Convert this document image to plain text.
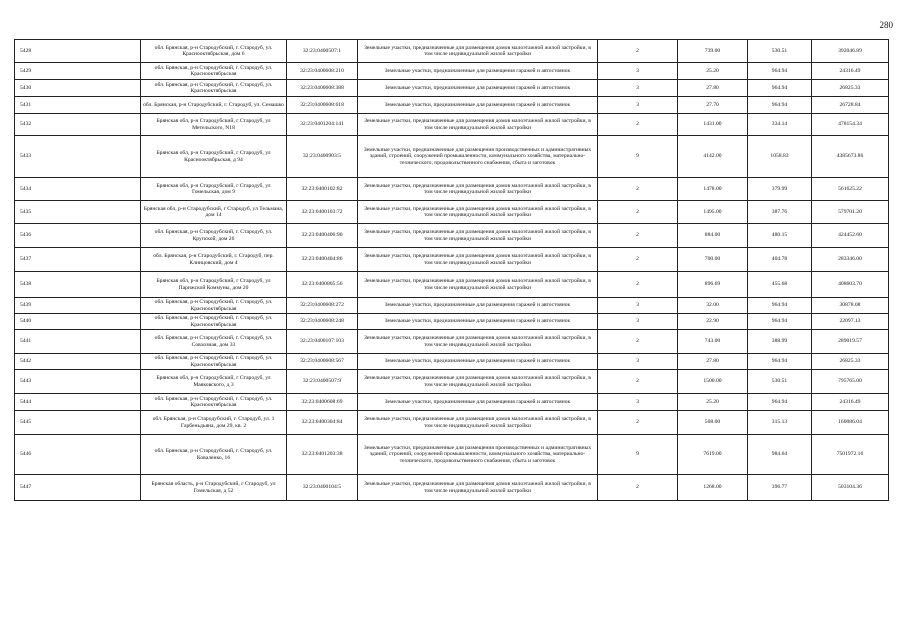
280
5428	обл. Брянская, р-н Стародубский, г. Стародуб, ул. Краснооктябрьская, дом 6	32:23:0400507:1	Земельные участки, предназначенные для размещения домов малоэтажной жилой застройки, в том числе индивидуальной жилой застройки	2	739.00	530.51	392046.89
5429	обл. Брянская, р-н Стародубский, г. Стародуб, ул. Краснооктябрьская	32:23:0400608:210	Земельные участки, предназначенные для размещения гаражей и автостоянок	3	25.20	964.94	24316.49
5430	обл. Брянская, р-н Стародубский, г. Стародуб, ул. Краснооктябрьская	32:23:0400608:388	Земельные участки, предназначенные для размещения гаражей и автостоянок	3	27.80	964.94	26825.33
5431	обл. Брянская, р-н Стародубский, г. Стародуб, ул. Семашко	32:23:0400608:618	Земельные участки, предназначенные для размещения гаражей и автостоянок	3	27.70	964.94	26728.84
5432	Брянская обл, р-н Стародубский, г Стародуб, ул Метельского, N18	32:23:0401204:141	Земельные участки, предназначенные для размещения домов малоэтажной жилой застройки, в том числе индивидуальной жилой застройки	2	1431.00	334.14	478154.34
5433	Брянская обл, р-н Стародубский, г Стародуб, ул Краснооктябрьская, д 94	32:23:0400903:5	Земельные участки, предназначенные для размещения производственных и административных зданий, строений, сооружений промышленности, коммунального хозяйства, материально-технического, продовольственного снабжения, сбыта и заготовок	9	4142.00	1058.83	4385673.86
5434	Брянская обл, р-н Стародубский, г Стародуб, ул Гомельская, дом 9	32:23:0400102:82	Земельные участки, предназначенные для размещения домов малоэтажной жилой застройки, в том числе индивидуальной жилой застройки	2	1478.00	379.99	561625.22
5435	Брянская обл, р-н Стародубский, г Стародуб, ул Тельмана, дом 14	32:23:0400103:72	Земельные участки, предназначенные для размещения домов малоэтажной жилой застройки, в том числе индивидуальной жилой застройки	2	1495.00	387.76	579701.20
5436	обл. Брянская, р-н Стародубский, г. Стародуб, ул. Крупской, дом 26	32:23:0400406:90	Земельные участки, предназначенные для размещения домов малоэтажной жилой застройки, в том числе индивидуальной жилой застройки	2	884.00	480.15	424452.60
5437	обл. Брянская, р-н Стародубский, г. Стародуб, пер. Клинцовский, дом 4	32:23:0400404:86	Земельные участки, предназначенные для размещения домов малоэтажной жилой застройки, в том числе индивидуальной жилой застройки	2	700.00	404.78	283346.00
5438	Брянская обл, р-н Стародубский, г Стародуб, ул Парижской Коммуны, дом 20	32:23:0400805:56	Земельные участки, предназначенные для размещения домов малоэтажной жилой застройки, в том числе индивидуальной жилой застройки	2	896.69	455.68	408603.70
5439	обл. Брянская, р-н Стародубский, г. Стародуб, ул. Краснооктябрьская	32:23:0400608:272	Земельные участки, предназначенные для размещения гаражей и автостоянок	3	32.00	964.94	30878.08
5440	обл. Брянская, р-н Стародубский, г. Стародуб, ул. Краснооктябрьская	32:23:0400608:248	Земельные участки, предназначенные для размещения гаражей и автостоянок	3	22.90	964.94	22097.13
5441	обл. Брянская, р-н Стародубский, г. Стародуб, ул. Совхозная, дом 33	32:23:0400107:103	Земельные участки, предназначенные для размещения домов малоэтажной жилой застройки, в том числе индивидуальной жилой застройки	2	743.00	388.99	289019.57
5442	обл. Брянская, р-н Стародубский, г. Стародуб, ул. Краснооктябрьская	32:23:0400608:567	Земельные участки, предназначенные для размещения гаражей и автостоянок	3	27.80	964.94	26825.33
5443	Брянская обл, р-н Стародубский, г Стародуб, ул Маяковского, д 3	32:23:0400507:9	Земельные участки, предназначенные для размещения домов малоэтажной жилой застройки, в том числе индивидуальной жилой застройки	2	1500.00	530.51	795765.00
5444	обл. Брянская, р-н Стародубский, г. Стародуб, ул. Краснооктябрьская	32:23:0400608:69	Земельные участки, предназначенные для размещения гаражей и автостоянок	3	25.20	964.94	24316.49
5445	обл. Брянская, р-н Стародубский, г. Стародуб, ул. 1 Гарбеньдьяна, дом 29, кв. 2	32:23:0400304:84	Земельные участки, предназначенные для размещения домов малоэтажной жилой застройки, в том числе индивидуальной жилой застройки	2	508.00	315.13	160086.04
5446	обл. Брянская, р-н Стародубский, г. Стародуб, ул. Коваленко, 16	32:23:0401203:38	Земельные участки, предназначенные для размещения производственных и административных зданий, строений, сооружений промышленности, коммунального хозяйства, материально-технического, продовольственного снабжения, сбыта и заготовок	9	7619.00	984.64	7501972.16
5447	Брянская область, р-н Стародубский, г Стародуб, ул Гомельская, д 52	32:23:0400104:5	Земельные участки, предназначенные для размещения домов малоэтажной жилой застройки, в том числе индивидуальной жилой застройки	2	1268.00	396.77	503104.36
